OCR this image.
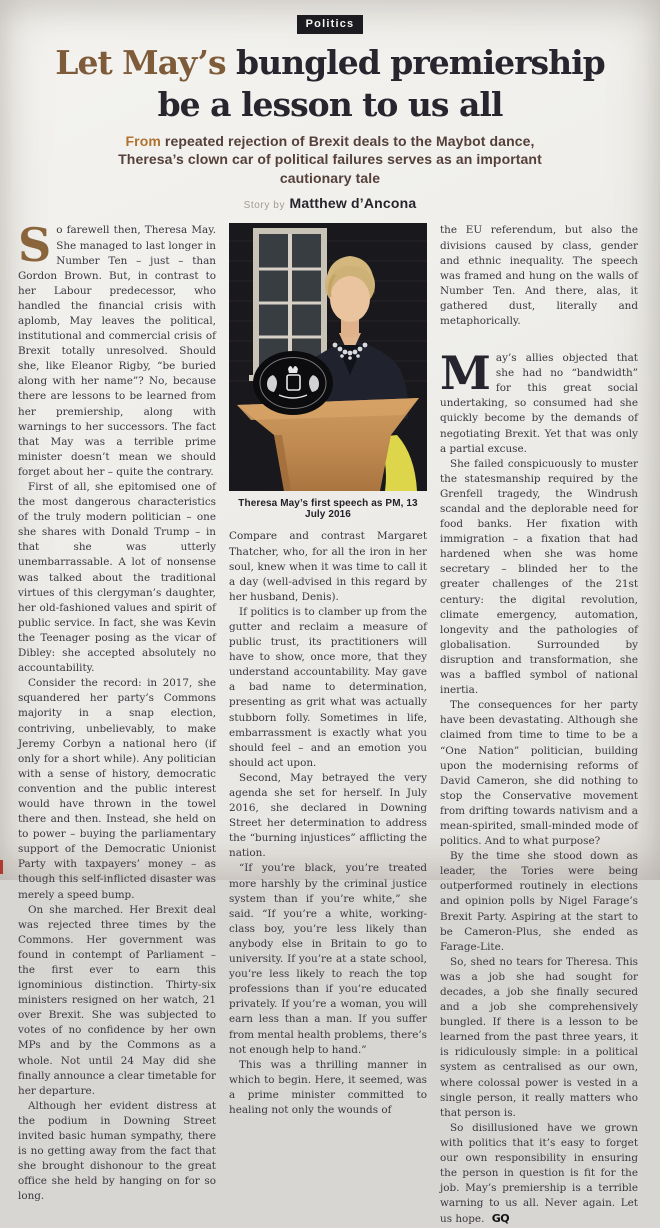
Politics
Let May’s bungled premiership
be a lesson to us all

From repeated rejection of Brexit deals to the Maybot dance, Theresa’s clown car of political failures serves as an important cautionary tale

Story by Matthew d’Ancona

So farewell then, Theresa May. She managed to last longer in Number Ten – just – than Gordon Brown. But, in contrast to her Labour predecessor, who handled the financial crisis with aplomb, May leaves the political, institutional and commercial crisis of Brexit totally unresolved. Should she, like Eleanor Rigby, “be buried along with her name”? No, because there are lessons to be learned from her premiership, along with warnings to her successors. The fact that May was a terrible prime minister doesn’t mean we should forget about her – quite the contrary.

First of all, she epitomised one of the most dangerous characteristics of the truly modern politician – one she shares with Donald Trump – in that she was utterly unembarrassable. A lot of nonsense was talked about the traditional virtues of this clergyman’s daughter, her old-fashioned values and spirit of public service. In fact, she was Kevin the Teenager posing as the vicar of Dibley: she accepted absolutely no accountability.

Consider the record: in 2017, she squandered her party’s Commons majority in a snap election, contriving, unbelievably, to make Jeremy Corbyn a national hero (if only for a short while). Any politician with a sense of history, democratic convention and the public interest would have thrown in the towel there and then. Instead, she held on to power – buying the parliamentary support of the Democratic Unionist Party with taxpayers’ money – as though this self-inflicted disaster was merely a speed bump.

On she marched. Her Brexit deal was rejected three times by the Commons. Her government was found in contempt of Parliament – the first ever to earn this ignominious distinction. Thirty-six ministers resigned on her watch, 21 over Brexit. She was subjected to votes of no confidence by her own MPs and by the Commons as a whole. Not until 24 May did she finally announce a clear timetable for her departure.

Although her evident distress at the podium in Downing Street invited basic human sympathy, there is no getting away from the fact that she brought dishonour to the great office she held by hanging on for so long.

Theresa May’s first speech as PM, 13 July 2016

Compare and contrast Margaret Thatcher, who, for all the iron in her soul, knew when it was time to call it a day (well-advised in this regard by her husband, Denis).

If politics is to clamber up from the gutter and reclaim a measure of public trust, its practitioners will have to show, once more, that they understand accountability. May gave a bad name to determination, presenting as grit what was actually stubborn folly. Sometimes in life, embarrassment is exactly what you should feel – and an emotion you should act upon.

Second, May betrayed the very agenda she set for herself. In July 2016, she declared in Downing Street her determination to address the “burning injustices” afflicting the nation.

“If you’re black, you’re treated more harshly by the criminal justice system than if you’re white,” she said. “If you’re a white, working-class boy, you’re less likely than anybody else in Britain to go to university. If you’re at a state school, you’re less likely to reach the top professions than if you’re educated privately. If you’re a woman, you will earn less than a man. If you suffer from mental health problems, there’s not enough help to hand.”

This was a thrilling manner in which to begin. Here, it seemed, was a prime minister committed to healing not only the wounds of

the EU referendum, but also the divisions caused by class, gender and ethnic inequality. The speech was framed and hung on the walls of Number Ten. And there, alas, it gathered dust, literally and metaphorically.

May’s allies objected that she had no “bandwidth” for this great social undertaking, so consumed had she quickly become by the demands of negotiating Brexit. Yet that was only a partial excuse.

She failed conspicuously to muster the statesmanship required by the Grenfell tragedy, the Windrush scandal and the deplorable need for food banks. Her fixation with immigration – a fixation that had hardened when she was home secretary – blinded her to the greater challenges of the 21st century: the digital revolution, climate emergency, automation, longevity and the pathologies of globalisation. Surrounded by disruption and transformation, she was a baffled symbol of national inertia.

The consequences for her party have been devastating. Although she claimed from time to time to be a “One Nation” politician, building upon the modernising reforms of David Cameron, she did nothing to stop the Conservative movement from drifting towards nativism and a mean-spirited, small-minded mode of politics. And to what purpose?

By the time she stood down as leader, the Tories were being outperformed routinely in elections and opinion polls by Nigel Farage’s Brexit Party. Aspiring at the start to be Cameron-Plus, she ended as Farage-Lite.

So, shed no tears for Theresa. This was a job she had sought for decades, a job she finally secured and a job she comprehensively bungled. If there is a lesson to be learned from the past three years, it is ridiculously simple: in a political system as centralised as our own, where colossal power is vested in a single person, it really matters who that person is.

So disillusioned have we grown with politics that it’s easy to forget our own responsibility in ensuring the person in question is fit for the job. May’s premiership is a terrible warning to us all. Never again. Let us hope. GQ
